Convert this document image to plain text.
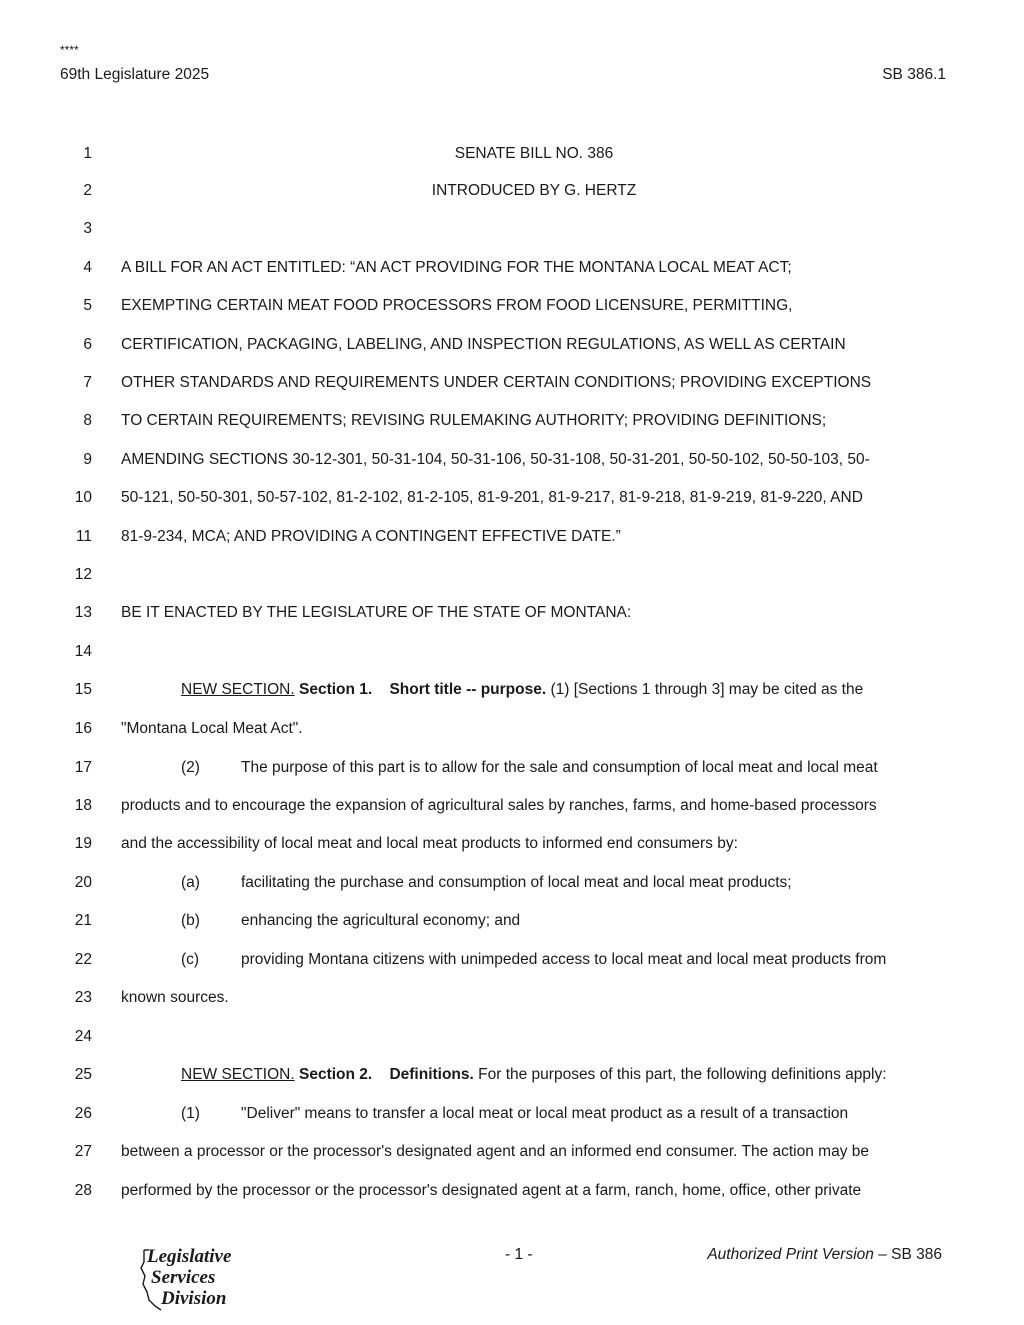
****
69th Legislature 2025	SB 386.1
1	SENATE BILL NO. 386
2	INTRODUCED BY G. HERTZ
3
4 A BILL FOR AN ACT ENTITLED: “AN ACT PROVIDING FOR THE MONTANA LOCAL MEAT ACT;
5 EXEMPTING CERTAIN MEAT FOOD PROCESSORS FROM FOOD LICENSURE, PERMITTING,
6 CERTIFICATION, PACKAGING, LABELING, AND INSPECTION REGULATIONS, AS WELL AS CERTAIN
7 OTHER STANDARDS AND REQUIREMENTS UNDER CERTAIN CONDITIONS; PROVIDING EXCEPTIONS
8 TO CERTAIN REQUIREMENTS; REVISING RULEMAKING AUTHORITY; PROVIDING DEFINITIONS;
9 AMENDING SECTIONS 30-12-301, 50-31-104, 50-31-106, 50-31-108, 50-31-201, 50-50-102, 50-50-103, 50-
10 50-121, 50-50-301, 50-57-102, 81-2-102, 81-2-105, 81-9-201, 81-9-217, 81-9-218, 81-9-219, 81-9-220, AND
11 81-9-234, MCA; AND PROVIDING A CONTINGENT EFFECTIVE DATE.”
12
13 BE IT ENACTED BY THE LEGISLATURE OF THE STATE OF MONTANA:
14
15	NEW SECTION. Section 1. Short title -- purpose. (1) [Sections 1 through 3] may be cited as the
16 "Montana Local Meat Act".
17	(2)	The purpose of this part is to allow for the sale and consumption of local meat and local meat
18 products and to encourage the expansion of agricultural sales by ranches, farms, and home-based processors
19 and the accessibility of local meat and local meat products to informed end consumers by:
20	(a)	facilitating the purchase and consumption of local meat and local meat products;
21	(b)	enhancing the agricultural economy; and
22	(c)	providing Montana citizens with unimpeded access to local meat and local meat products from
23 known sources.
24
25	NEW SECTION. Section 2. Definitions. For the purposes of this part, the following definitions apply:
26	(1)	"Deliver" means to transfer a local meat or local meat product as a result of a transaction
27 between a processor or the processor's designated agent and an informed end consumer. The action may be
28 performed by the processor or the processor's designated agent at a farm, ranch, home, office, other private
Legislative
Services
Division
- 1 -	Authorized Print Version – SB 386
